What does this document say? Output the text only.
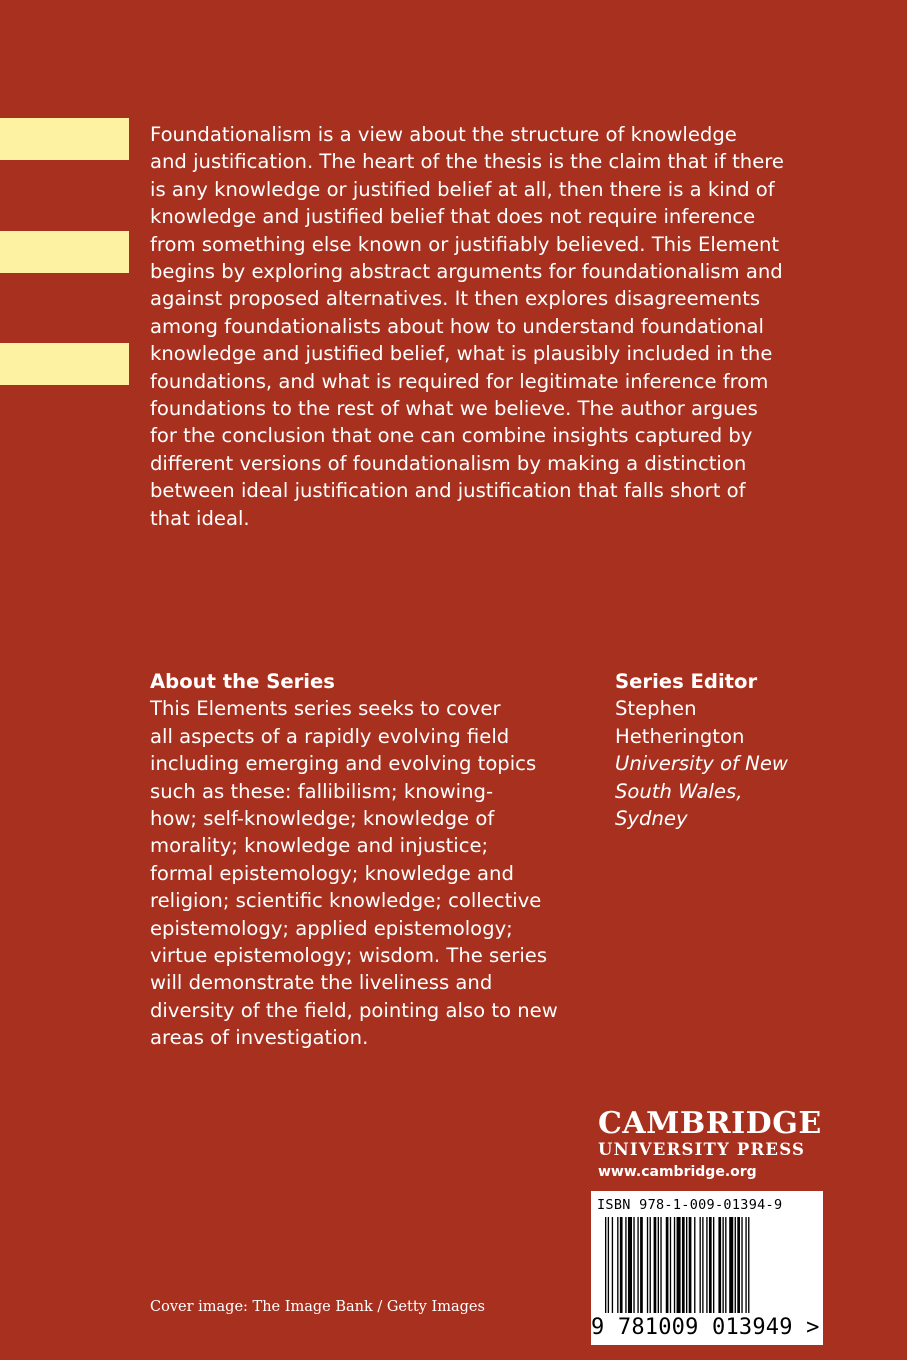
Foundationalism is a view about the structure of knowledge
and justification. The heart of the thesis is the claim that if there
is any knowledge or justified belief at all, then there is a kind of
knowledge and justified belief that does not require inference
from something else known or justifiably believed. This Element
begins by exploring abstract arguments for foundationalism and
against proposed alternatives. It then explores disagreements
among foundationalists about how to understand foundational
knowledge and justified belief, what is plausibly included in the
foundations, and what is required for legitimate inference from
foundations to the rest of what we believe. The author argues
for the conclusion that one can combine insights captured by
different versions of foundationalism by making a distinction
between ideal justification and justification that falls short of
that ideal.

About the Series

This Elements series seeks to cover
all aspects of a rapidly evolving field
including emerging and evolving topics
such as these: fallibilism; knowing-
how; self-knowledge; knowledge of
morality; knowledge and injustice;
formal epistemology; knowledge and
religion; scientific knowledge; collective
epistemology; applied epistemology;
virtue epistemology; wisdom. The series
will demonstrate the liveliness and
diversity of the field, pointing also to new
areas of investigation.

Series Editor

Stephen
Hetherington
University of New
South Wales,
Sydney

CAMBRIDGE

UNIVERSITY PRESS

www.cambridge.org

ISBN 978-1-009-01394-9
9 781009 013949 >
Cover image: The Image Bank / Getty Images
